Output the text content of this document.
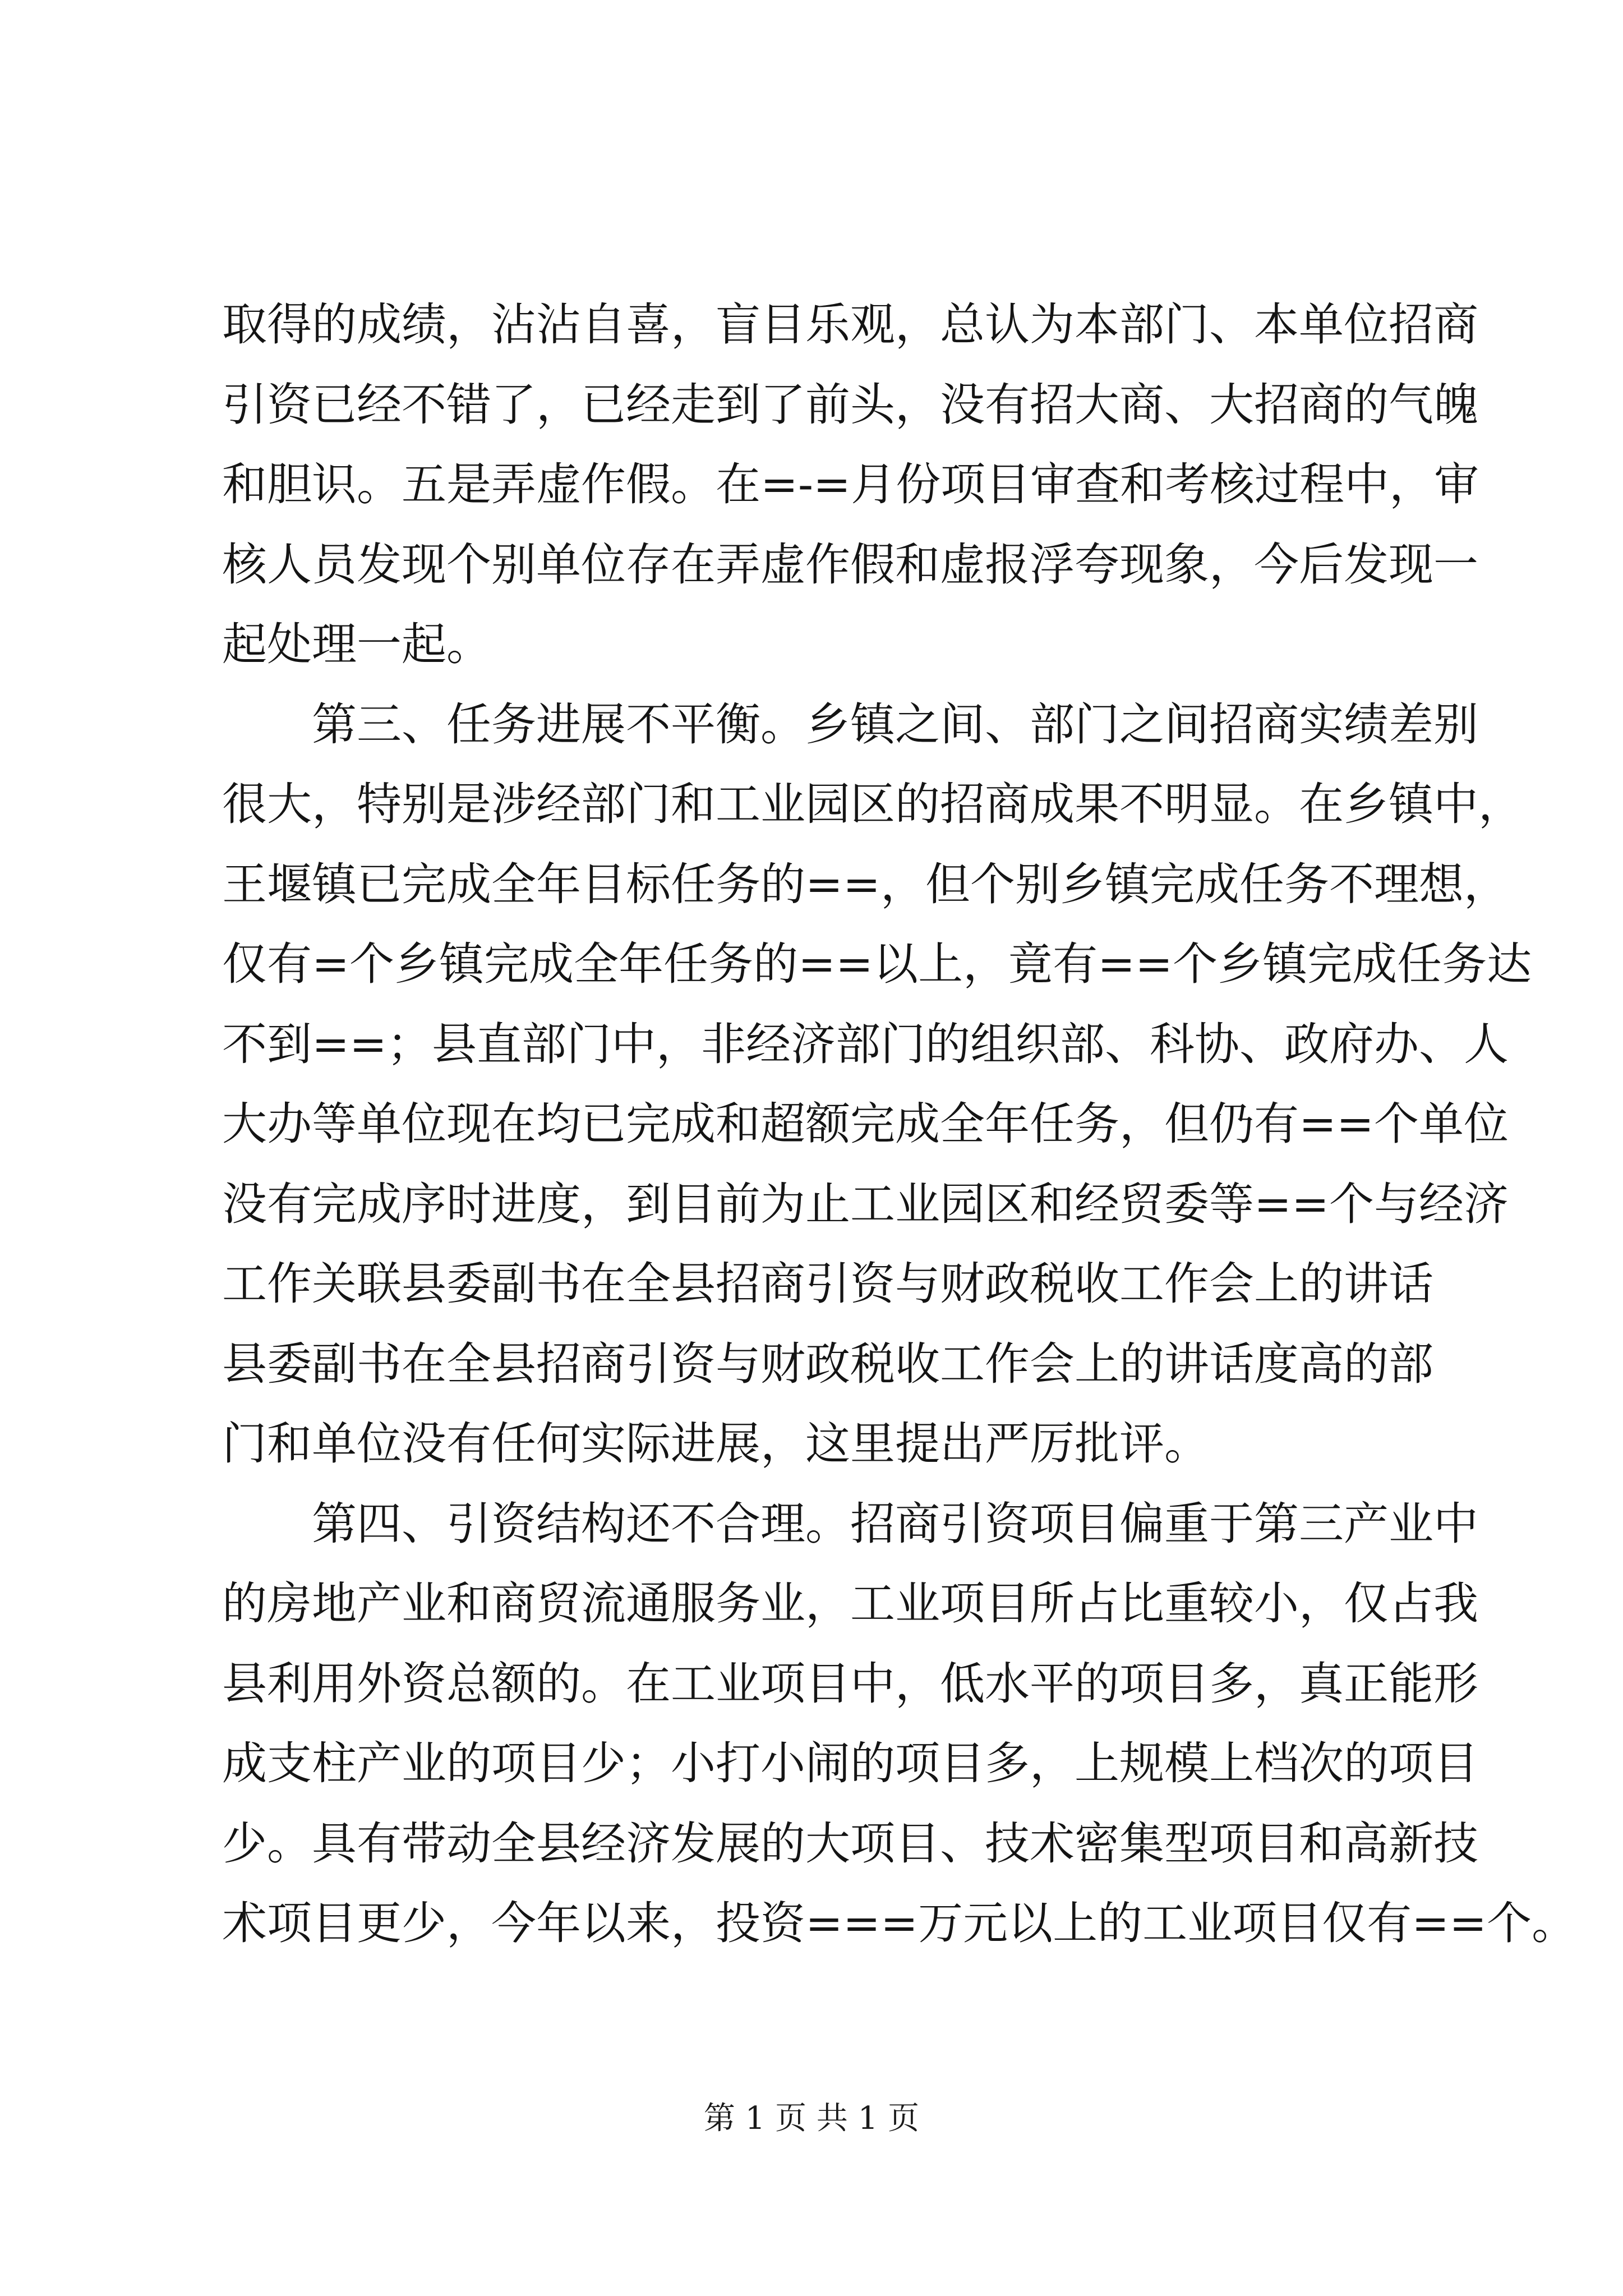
取得的成绩，沾沾自喜，盲目乐观，总认为本部门、本单位招商
引资已经不错了，已经走到了前头，没有招大商、大招商的气魄
和胆识。五是弄虚作假。在=-=月份项目审查和考核过程中，审
核人员发现个别单位存在弄虚作假和虚报浮夸现象，今后发现一
起处理一起。
第三、任务进展不平衡。乡镇之间、部门之间招商实绩差别
很大，特别是涉经部门和工业园区的招商成果不明显。在乡镇中，
王堰镇已完成全年目标任务的==，但个别乡镇完成任务不理想，
仅有=个乡镇完成全年任务的==以上，竟有==个乡镇完成任务达
不到==；县直部门中，非经济部门的组织部、科协、政府办、人
大办等单位现在均已完成和超额完成全年任务，但仍有==个单位
没有完成序时进度，到目前为止工业园区和经贸委等==个与经济
工作关联县委副书在全县招商引资与财政税收工作会上的讲话
县委副书在全县招商引资与财政税收工作会上的讲话度高的部
门和单位没有任何实际进展，这里提出严厉批评。
第四、引资结构还不合理。招商引资项目偏重于第三产业中
的房地产业和商贸流通服务业，工业项目所占比重较小，仅占我
县利用外资总额的。在工业项目中，低水平的项目多，真正能形
成支柱产业的项目少；小打小闹的项目多，上规模上档次的项目
少。具有带动全县经济发展的大项目、技术密集型项目和高新技
术项目更少，今年以来，投资===万元以上的工业项目仅有==个。
第 1 页 共 1 页
